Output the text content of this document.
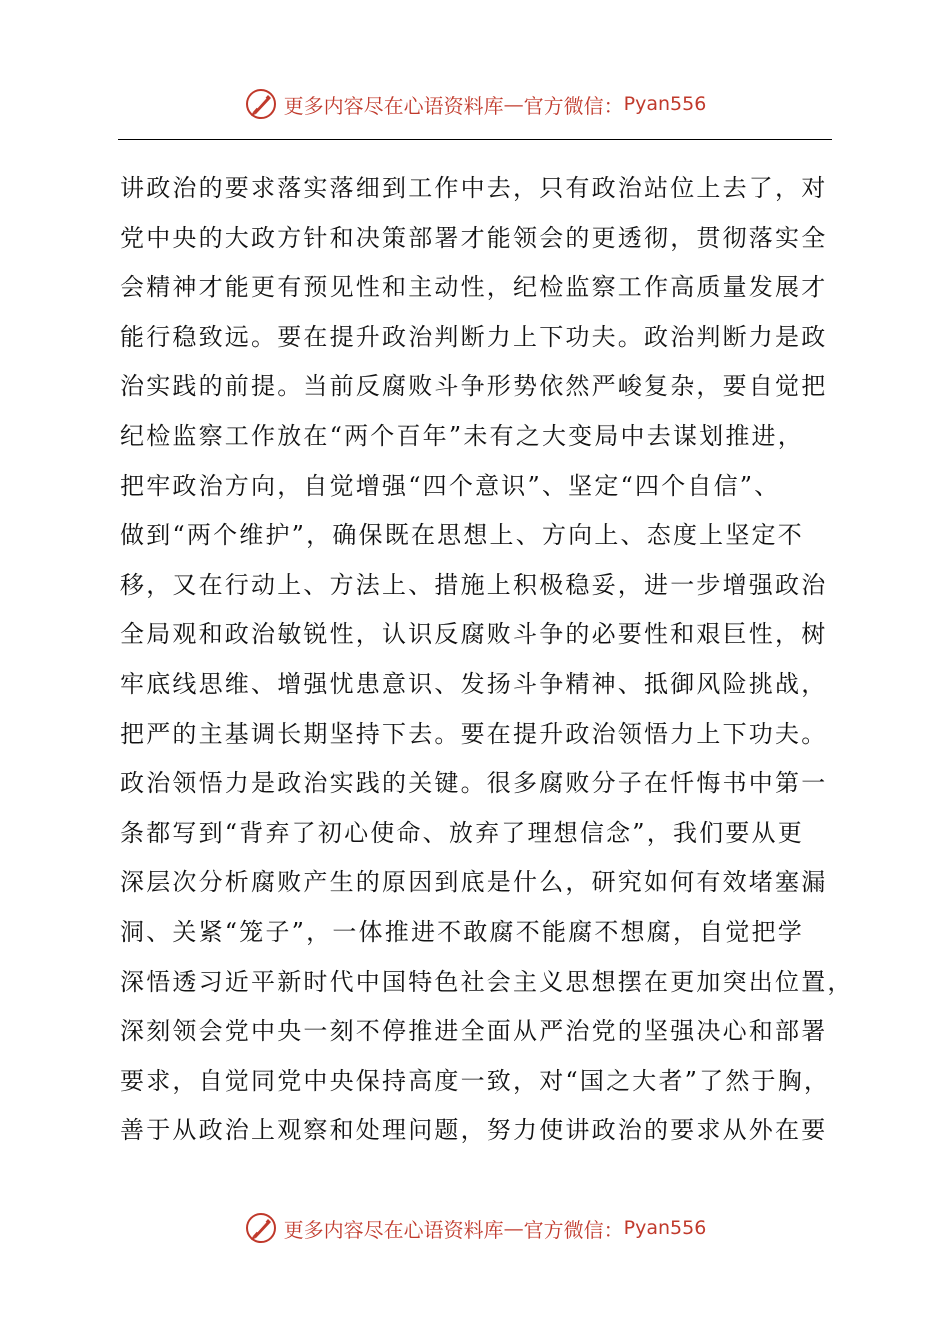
更多内容尽在心语资料库 — 官方微信： Pyan556
讲政治的要求落实落细到工作中去，只有政治站位上去了，对
党中央的大政方针和决策部署才能领会的更透彻，贯彻落实全
会精神才能更有预见性和主动性，纪检监察工作高质量发展才
能行稳致远。要在提升政治判断力上下功夫。政治判断力是政
治实践的前提。当前反腐败斗争形势依然严峻复杂，要自觉把
纪检监察工作放在“两个百年”未有之大变局中去谋划推进，
把牢政治方向，自觉增强“四个意识”、坚定“四个自信”、
做到“两个维护”，确保既在思想上、方向上、态度上坚定不
移，又在行动上、方法上、措施上积极稳妥，进一步增强政治
全局观和政治敏锐性，认识反腐败斗争的必要性和艰巨性，树
牢底线思维、增强忧患意识、发扬斗争精神、抵御风险挑战，
把严的主基调长期坚持下去。要在提升政治领悟力上下功夫。
政治领悟力是政治实践的关键。很多腐败分子在忏悔书中第一
条都写到“背弃了初心使命、放弃了理想信念”，我们要从更
深层次分析腐败产生的原因到底是什么，研究如何有效堵塞漏
洞、关紧“笼子”，一体推进不敢腐不能腐不想腐，自觉把学
深悟透习近平新时代中国特色社会主义思想摆在更加突出位置，
深刻领会党中央一刻不停推进全面从严治党的坚强决心和部署
要求，自觉同党中央保持高度一致，对“国之大者”了然于胸，
善于从政治上观察和处理问题，努力使讲政治的要求从外在要
更多内容尽在心语资料库 — 官方微信： Pyan556
